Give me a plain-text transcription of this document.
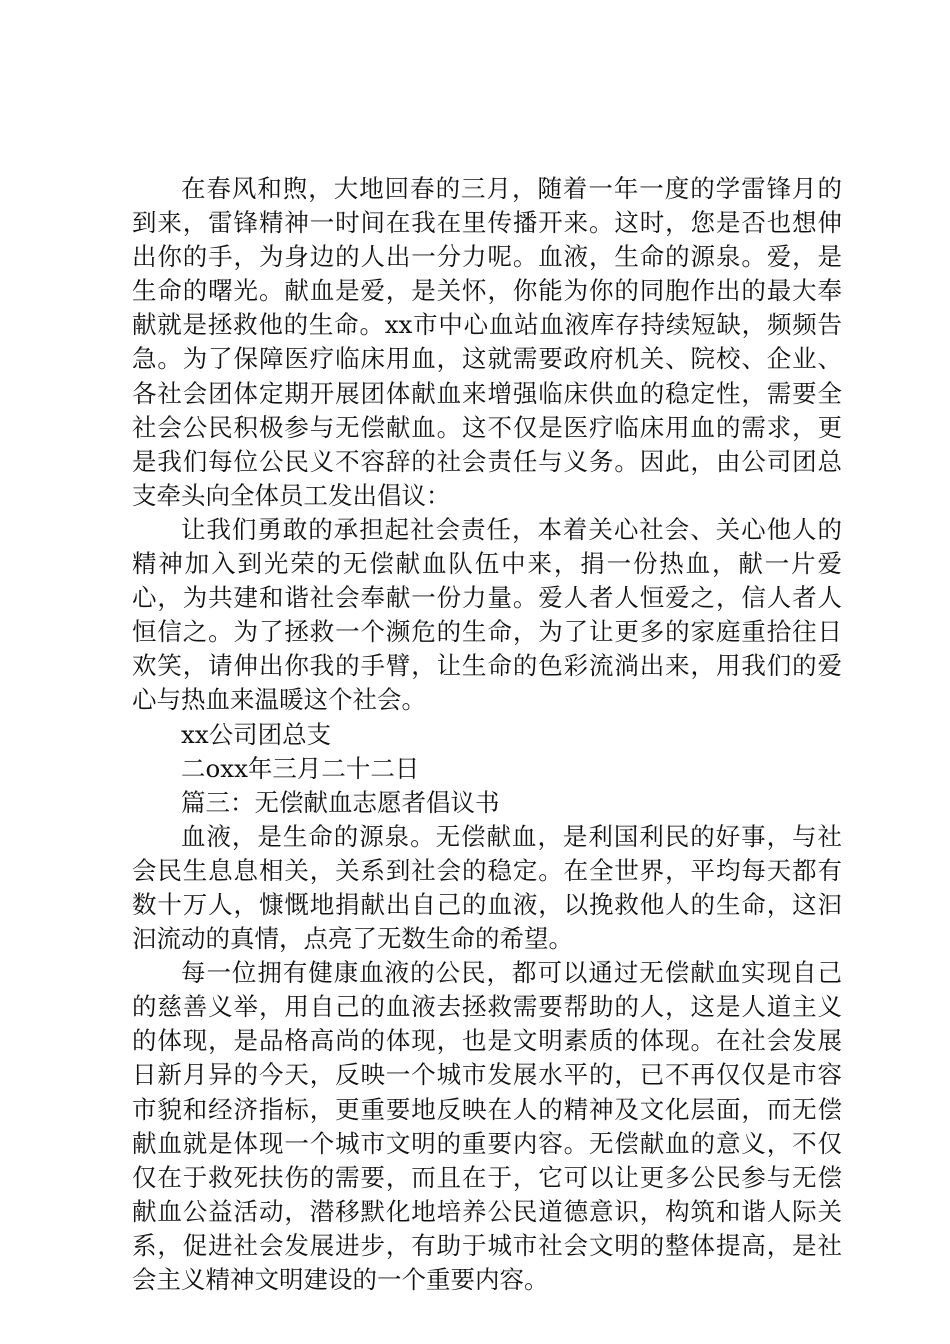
在春风和煦，大地回春的三月，随着一年一度的学雷锋月的到来，雷锋精神一时间在我在里传播开来。这时，您是否也想伸出你的手，为身边的人出一分力呢。血液，生命的源泉。爱，是生命的曙光。献血是爱，是关怀，你能为你的同胞作出的最大奉献就是拯救他的生命。xx市中心血站血液库存持续短缺，频频告急。为了保障医疗临床用血，这就需要政府机关、院校、企业、各社会团体定期开展团体献血来增强临床供血的稳定性，需要全社会公民积极参与无偿献血。这不仅是医疗临床用血的需求，更是我们每位公民义不容辞的社会责任与义务。因此，由公司团总支牵头向全体员工发出倡议：

让我们勇敢的承担起社会责任，本着关心社会、关心他人的精神加入到光荣的无偿献血队伍中来，捐一份热血，献一片爱心，为共建和谐社会奉献一份力量。爱人者人恒爱之，信人者人恒信之。为了拯救一个濒危的生命，为了让更多的家庭重拾往日欢笑，请伸出你我的手臂，让生命的色彩流淌出来，用我们的爱心与热血来温暖这个社会。

xx公司团总支

二oxx年三月二十二日

篇三：无偿献血志愿者倡议书

血液，是生命的源泉。无偿献血，是利国利民的好事，与社会民生息息相关，关系到社会的稳定。在全世界，平均每天都有数十万人，慷慨地捐献出自己的血液，以挽救他人的生命，这汩汩流动的真情，点亮了无数生命的希望。

每一位拥有健康血液的公民，都可以通过无偿献血实现自己的慈善义举，用自己的血液去拯救需要帮助的人，这是人道主义的体现，是品格高尚的体现，也是文明素质的体现。在社会发展日新月异的今天，反映一个城市发展水平的，已不再仅仅是市容市貌和经济指标，更重要地反映在人的精神及文化层面，而无偿献血就是体现一个城市文明的重要内容。无偿献血的意义，不仅仅在于救死扶伤的需要，而且在于，它可以让更多公民参与无偿献血公益活动，潜移默化地培养公民道德意识，构筑和谐人际关系，促进社会发展进步，有助于城市社会文明的整体提高，是社会主义精神文明建设的一个重要内容。
